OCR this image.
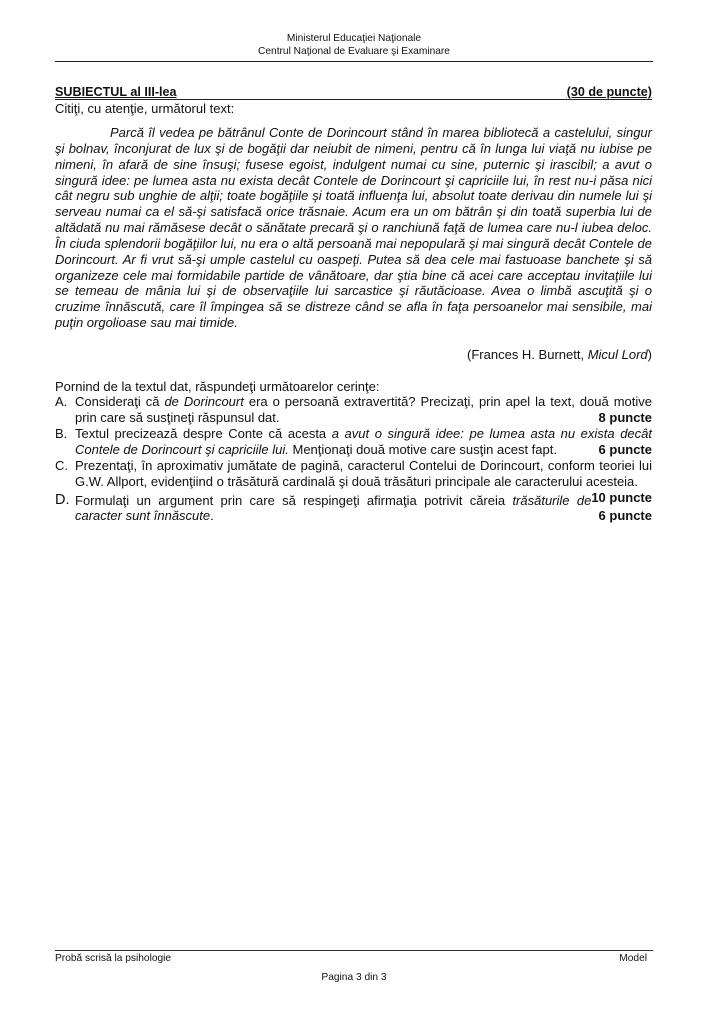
Ministerul Educaţiei Naţionale
Centrul Naţional de Evaluare şi Examinare
SUBIECTUL al III-lea	(30 de puncte)
Citiţi, cu atenţie, următorul text:

Parcă îl vedea pe bătrânul Conte de Dorincourt stând în marea bibliotecă a castelului, singur şi bolnav, înconjurat de lux şi de bogăţii dar neiubit de nimeni, pentru că în lunga lui viaţă nu iubise pe nimeni, în afară de sine însuşi; fusese egoist, indulgent numai cu sine, puternic şi irascibil; a avut o singură idee: pe lumea asta nu exista decât Contele de Dorincourt şi capriciile lui, în rest nu-i păsa nici cât negru sub unghie de alţii; toate bogăţiile şi toată influenţa lui, absolut toate derivau din numele lui şi serveau numai ca el să-şi satisfacă orice trăsnaie. Acum era un om bătrân şi din toată superbia lui de altădată nu mai rămăsese decât o sănătate precară şi o ranchiună faţă de lumea care nu-l iubea deloc. În ciuda splendorii bogăţiilor lui, nu era o altă persoană mai nepopulară şi mai singură decât Contele de Dorincourt. Ar fi vrut să-şi umple castelul cu oaspeţi. Putea să dea cele mai fastuoase banchete şi să organizeze cele mai formidabile partide de vânătoare, dar ştia bine că acei care acceptau invitaţiile lui se temeau de mânia lui şi de observaţiile lui sarcastice şi răutăcioase. Avea o limbă ascuţită şi o cruzime înnăscută, care îl împingea să se distreze când se afla în faţa persoanelor mai sensibile, mai puţin orgolioase sau mai timide.

(Frances H. Burnett, Micul Lord)
Pornind de la textul dat, răspundeţi următoarelor cerinţe:
A. Consideraţi că de Dorincourt era o persoană extravertită? Precizaţi, prin apel la text, două motive prin care să susţineţi răspunsul dat.	8 puncte
B. Textul precizează despre Conte că acesta a avut o singură idee: pe lumea asta nu exista decât Contele de Dorincourt şi capriciile lui. Menţionaţi două motive care susţin acest fapt.	6 puncte
C. Prezentaţi, în aproximativ jumătate de pagină, caracterul Contelui de Dorincourt, conform teoriei lui G.W. Allport, evidenţiind o trăsătură cardinală şi două trăsături principale ale caracterului acesteia.
10 puncte
D. Formulaţi un argument prin care să respingeţi afirmaţia potrivit căreia trăsăturile de caracter sunt înnăscute.	6 puncte
Probă scrisă la psihologie	Model
Pagina 3 din 3
